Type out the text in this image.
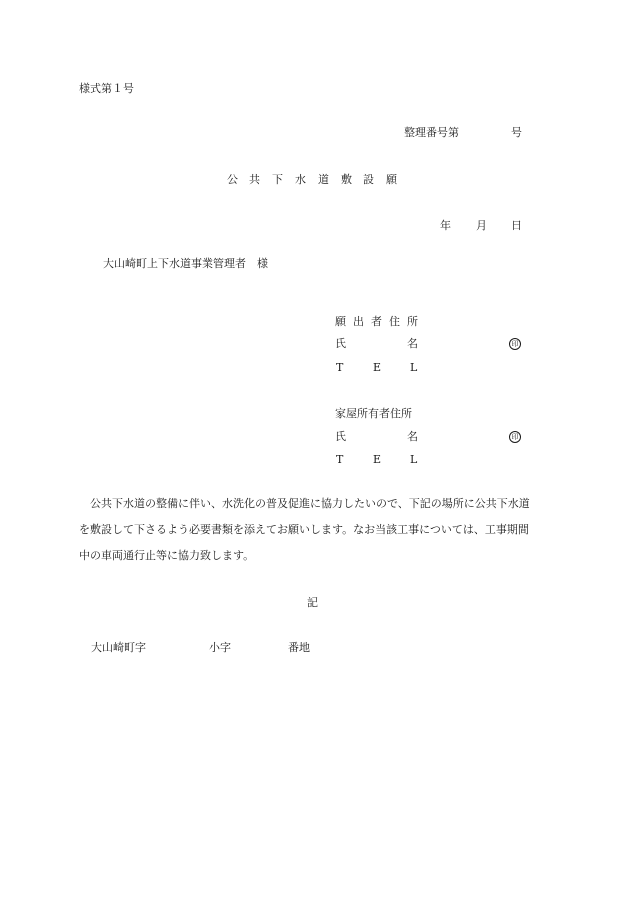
様式第１号
整理番号第	号
公 共 下 水 道 敷 設 願
年 月 日
大山崎町上下水道事業管理者　様
願 出 者 住 所
氏	名	印
T	E	L
家屋所有者住所
氏	名	印
T	E	L
公共下水道の整備に伴い、水洗化の普及促進に協力したいので、下記の場所に公共下水道を敷設して下さるよう必要書類を添えてお願いします。なお当該工事については、工事期間中の車両通行止等に協力致します。
記
大山崎町字	小字	番地
